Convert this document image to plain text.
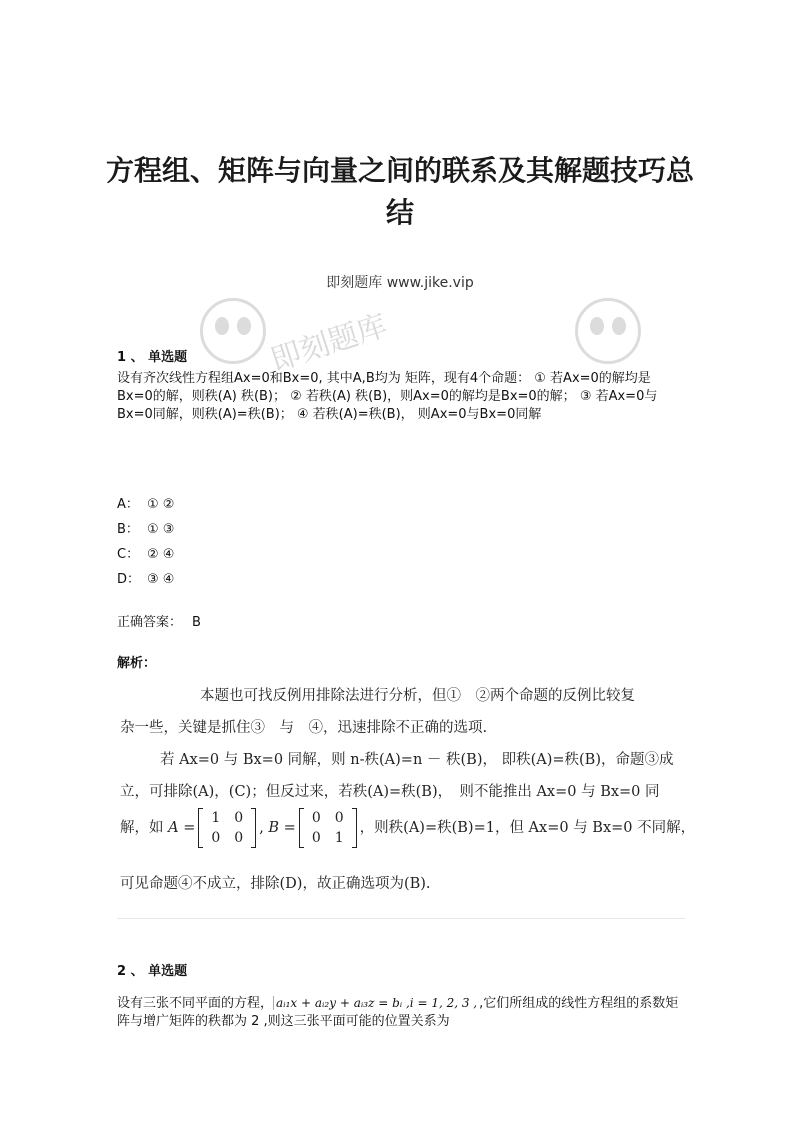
即刻题库
方程组、矩阵与向量之间的联系及其解题技巧总结
即刻题库 www.jike.vip
1 、 单选题
设有齐次线性方程组Ax=0和Bx=0, 其中A,B均为 矩阵，现有4个命题： ① 若Ax=0的解均是Bx=0的解，则秩(A) 秩(B)； ② 若秩(A) 秩(B)，则Ax=0的解均是Bx=0的解； ③ 若Ax=0与Bx=0同解，则秩(A)=秩(B)； ④ 若秩(A)=秩(B)， 则Ax=0与Bx=0同解
A： ① ②
B： ① ③
C： ② ④
D： ③ ④
正确答案： B
解析：
本题也可找反例用排除法进行分析，但①　②两个命题的反例比较复
杂一些，关键是抓住③　与　④，迅速排除不正确的选项.
若 Ax=0 与 Bx=0 同解，则 n-秩(A)=n － 秩(B)， 即秩(A)=秩(B)，命题③成
立，可排除(A)，(C)；但反过来，若秩(A)=秩(B)，　则不能推出 Ax=0 与 Bx=0 同
解，如 A =
1	0
0	0
, B =
0	0
0	1
，则秩(A)=秩(B)=1，但 Ax=0 与 Bx=0 不同解，
可见命题④不成立，排除(D)，故正确选项为(B).
2 、 单选题
设有三张不同平面的方程， aᵢ₁x + aᵢ₂y + aᵢ₃z = bᵢ ,i = 1, 2, 3 , ,它们所组成的线性方程组的系数矩阵与增广矩阵的秩都为 2 ,则这三张平面可能的位置关系为
